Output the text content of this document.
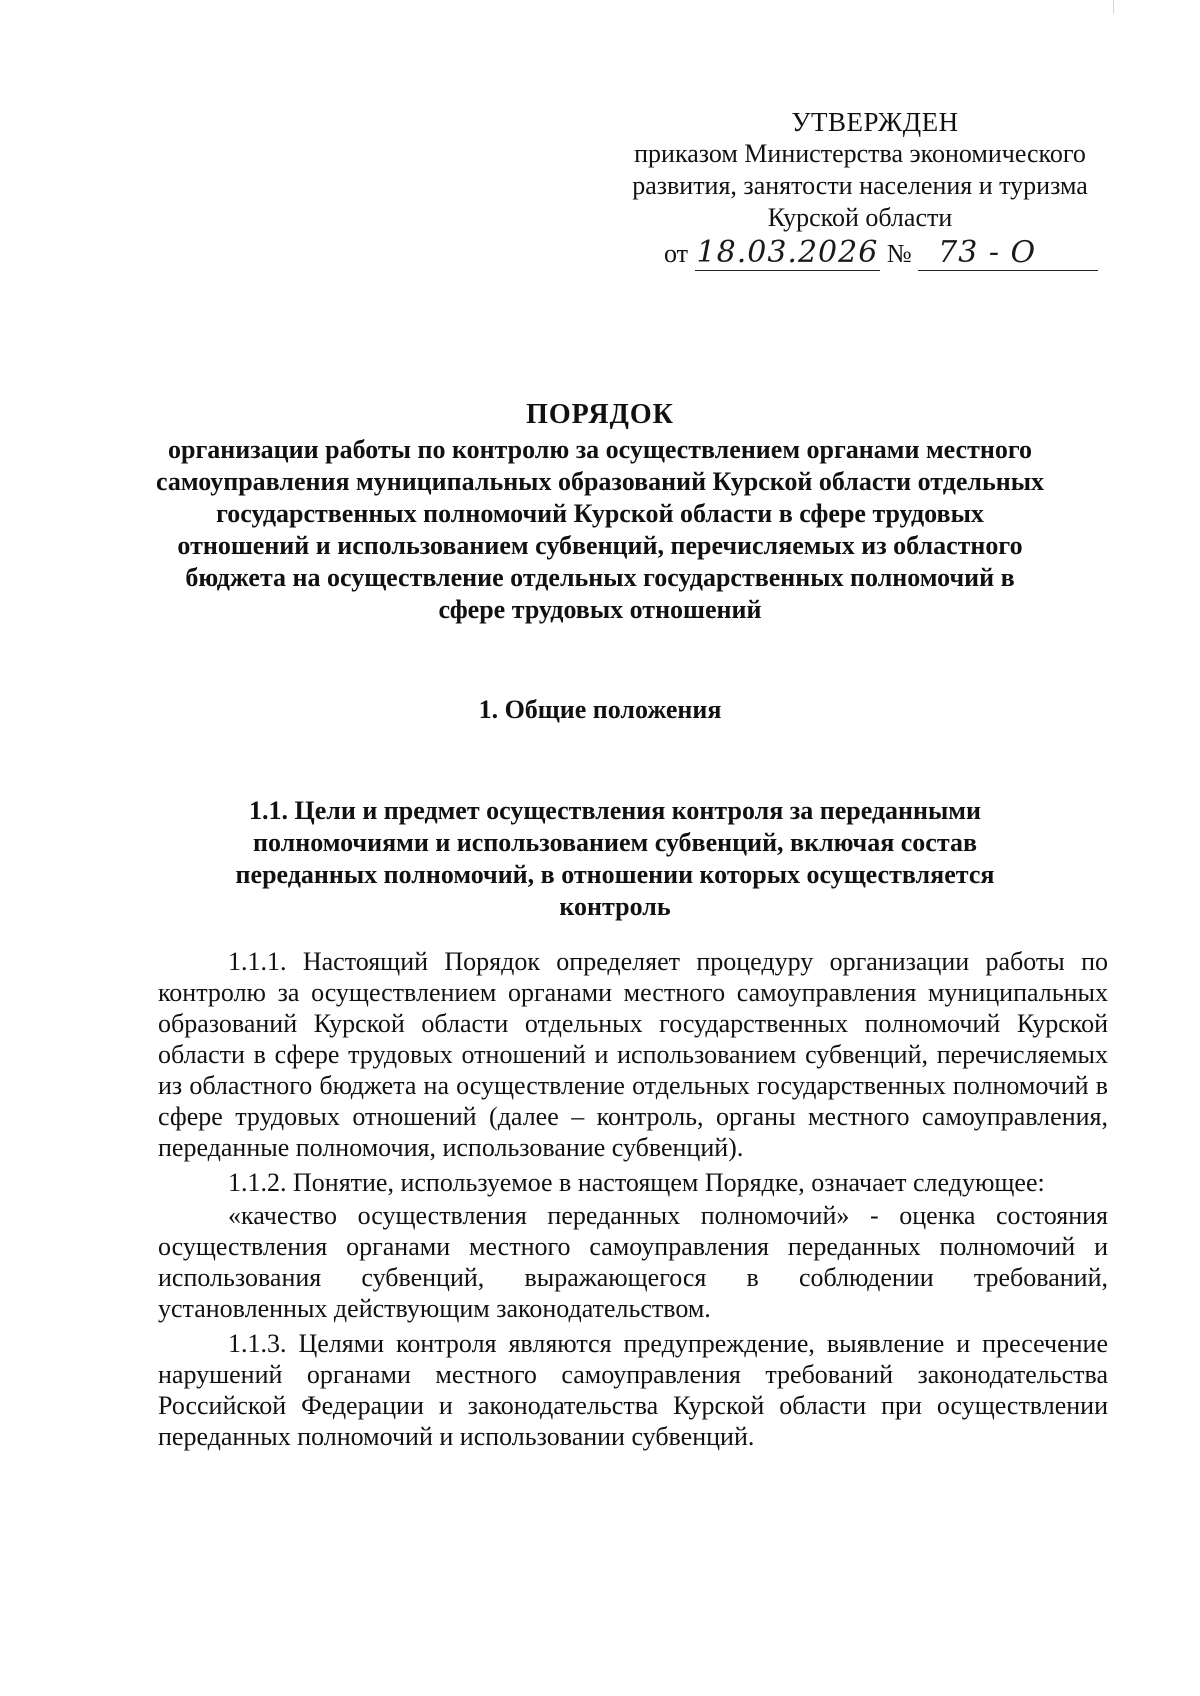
УТВЕРЖДЕН
приказом Министерства экономического
развития, занятости населения и туризма
Курской области
от 18.03.2026 № 73 - О
ПОРЯДОК
организации работы по контролю за осуществлением органами местного самоуправления муниципальных образований Курской области отдельных государственных полномочий Курской области в сфере трудовых отношений и использованием субвенций, перечисляемых из областного бюджета на осуществление отдельных государственных полномочий в сфере трудовых отношений
1. Общие положения
1.1. Цели и предмет осуществления контроля за переданными полномочиями и использованием субвенций, включая состав переданных полномочий, в отношении которых осуществляется контроль

1.1.1. Настоящий Порядок определяет процедуру организации работы по контролю за осуществлением органами местного самоуправления муниципальных образований Курской области отдельных государственных полномочий Курской области в сфере трудовых отношений и использованием субвенций, перечисляемых из областного бюджета на осуществление отдельных государственных полномочий в сфере трудовых отношений (далее – контроль, органы местного самоуправления, переданные полномочия, использование субвенций).

1.1.2. Понятие, используемое в настоящем Порядке, означает следующее:

«качество осуществления переданных полномочий» - оценка состояния осуществления органами местного самоуправления переданных полномочий и использования субвенций, выражающегося в соблюдении требований, установленных действующим законодательством.

1.1.3. Целями контроля являются предупреждение, выявление и пресечение нарушений органами местного самоуправления требований законодательства Российской Федерации и законодательства Курской области при осуществлении переданных полномочий и использовании субвенций.
